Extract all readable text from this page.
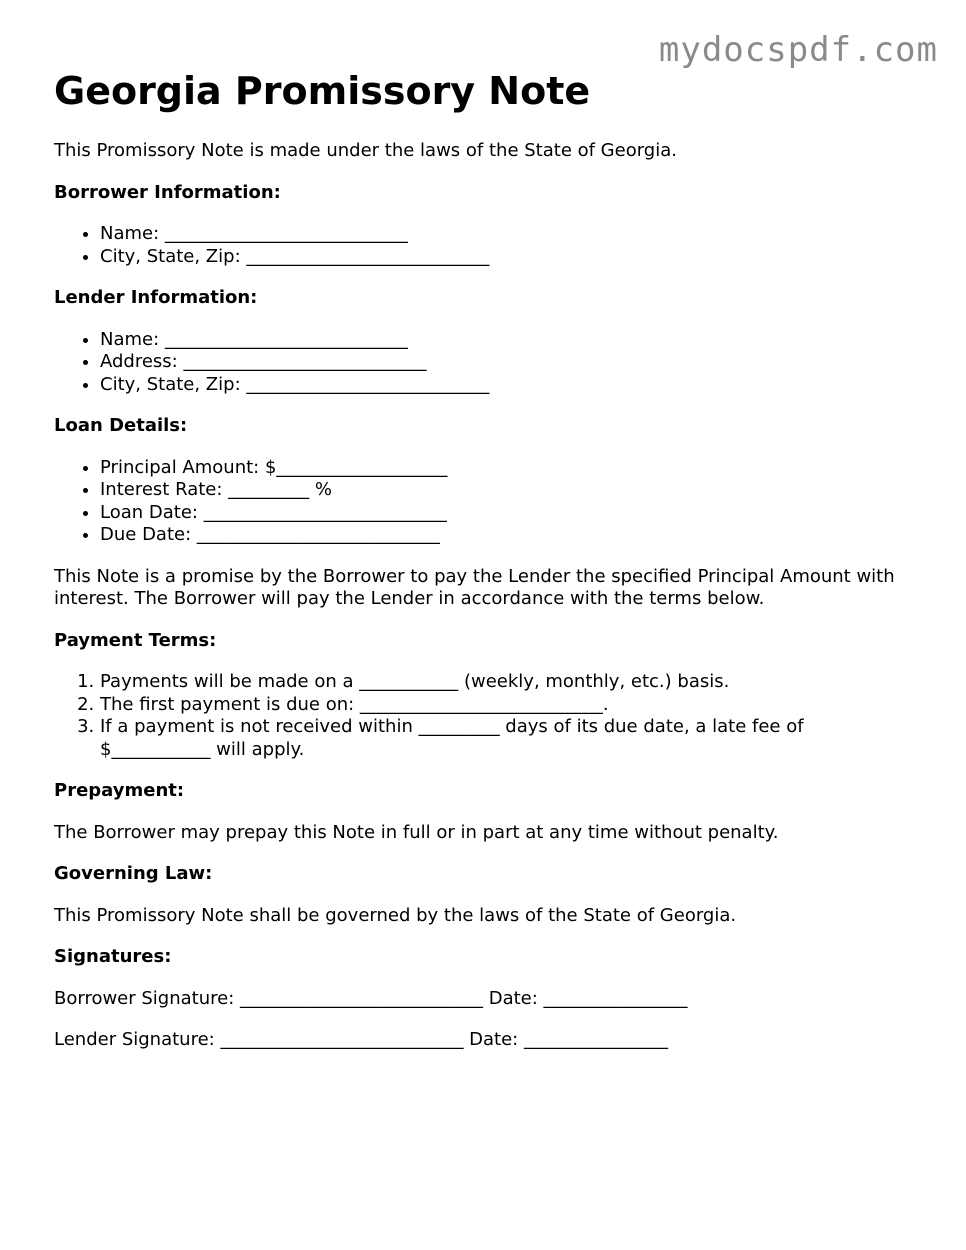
mydocspdf.com
Georgia Promissory Note

This Promissory Note is made under the laws of the State of Georgia.

Borrower Information:
• Name: ___________________________
• City, State, Zip: ___________________________
Lender Information:
• Name: ___________________________
• Address: ___________________________
• City, State, Zip: ___________________________
Loan Details:
• Principal Amount: $___________________
• Interest Rate: _________ %
• Loan Date: ___________________________
• Due Date: ___________________________

This Note is a promise by the Borrower to pay the Lender the specified Principal Amount with interest. The Borrower will pay the Lender in accordance with the terms below.

Payment Terms:
1. Payments will be made on a ___________ (weekly, monthly, etc.) basis.
2. The first payment is due on: ___________________________.
3. If a payment is not received within _________ days of its due date, a late fee of $___________ will apply.
Prepayment:

The Borrower may prepay this Note in full or in part at any time without penalty.

Governing Law:

This Promissory Note shall be governed by the laws of the State of Georgia.

Signatures:
Borrower Signature: ___________________________ Date: ________________
Lender Signature: ___________________________ Date: ________________
